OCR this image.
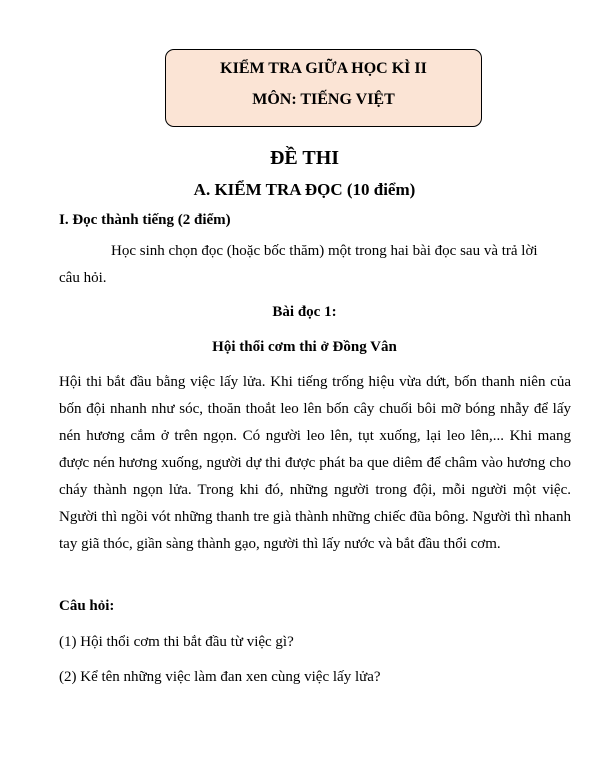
KIỂM TRA GIỮA HỌC KÌ II
MÔN: TIẾNG VIỆT
ĐỀ THI
A. KIỂM TRA ĐỌC (10 điểm)
I. Đọc thành tiếng (2 điểm)
Học sinh chọn đọc (hoặc bốc thăm) một trong hai bài đọc sau và trả lời câu hỏi.
Bài đọc 1:
Hội thổi cơm thi ở Đồng Vân
Hội thi bắt đầu bằng việc lấy lửa. Khi tiếng trống hiệu vừa dứt, bốn thanh niên của bốn đội nhanh như sóc, thoăn thoắt leo lên bốn cây chuối bôi mỡ bóng nhẫy để lấy nén hương cắm ở trên ngọn. Có người leo lên, tụt xuống, lại leo lên,... Khi mang được nén hương xuống, người dự thi được phát ba que diêm để châm vào hương cho cháy thành ngọn lửa. Trong khi đó, những người trong đội, mỗi người một việc. Người thì ngồi vót những thanh tre già thành những chiếc đũa bông. Người thì nhanh tay giã thóc, giần sàng thành gạo, người thì lấy nước và bắt đầu thổi cơm.
Câu hỏi:
(1) Hội thổi cơm thi bắt đầu từ việc gì?
(2) Kể tên những việc làm đan xen cùng việc lấy lửa?
